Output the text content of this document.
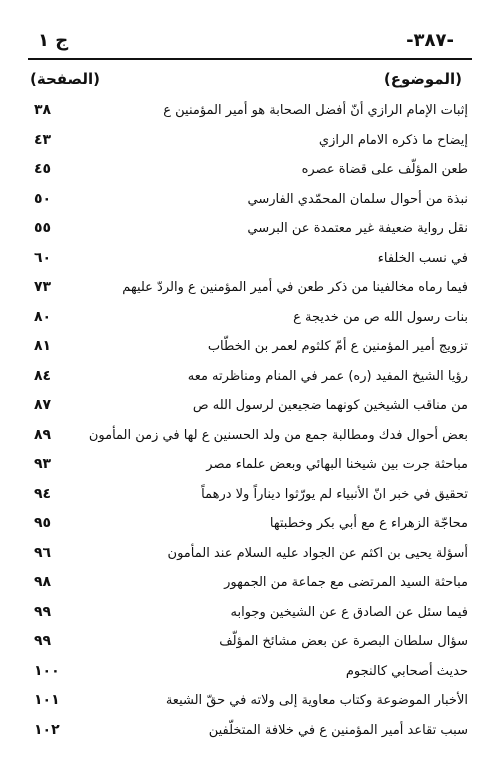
-٣٨٧-
ج ١
(الموضوع)
(الصفحة)
إثبات الإمام الرازي أنّ أفضل الصحابة هو أمير المؤمنين ع
٣٨
إيضاح ما ذكره الامام الرازي
٤٣
طعن المؤلّف على قضاة عصره
٤٥
نبذة من أحوال سلمان المحمّدي الفارسي
٥٠
نقل رواية ضعيفة غير معتمدة عن البرسي
٥٥
في نسب الخلفاء
٦٠
فيما رماه مخالفينا من ذكر طعن في أمير المؤمنين ع والردّ عليهم
٧٣
بنات رسول الله ص من خديجة ع
٨٠
تزويج أمير المؤمنين ع أمّ كلثوم لعمر بن الخطّاب
٨١
رؤيا الشيخ المفيد (ره) عمر في المنام ومناظرته معه
٨٤
من مناقب الشيخين كونهما ضجيعين لرسول الله ص
٨٧
بعض أحوال فدك ومطالبة جمع من ولد الحسنين ع لها في زمن المأمون
٨٩
مباحثة جرت بين شيخنا البهائي وبعض علماء مصر
٩٣
تحقيق في خبر انّ الأنبياء لم يورّثوا ديناراً ولا درهماً
٩٤
محاجّة الزهراء ع مع أبي بكر وخطبتها
٩٥
أسؤلة يحيى بن اكثم عن الجواد عليه السلام عند المأمون
٩٦
مباحثة السيد المرتضى مع جماعة من الجمهور
٩٨
فيما سئل عن الصادق ع عن الشيخين وجوابه
٩٩
سؤال سلطان البصرة عن بعض مشائخ المؤلّف
٩٩
حديث أصحابي كالنجوم
١٠٠
الأخبار الموضوعة وكتاب معاوية إلى ولاته في حقّ الشيعة
١٠١
سبب تقاعد أمير المؤمنين ع في خلافة المتخلّفين
١٠٢
